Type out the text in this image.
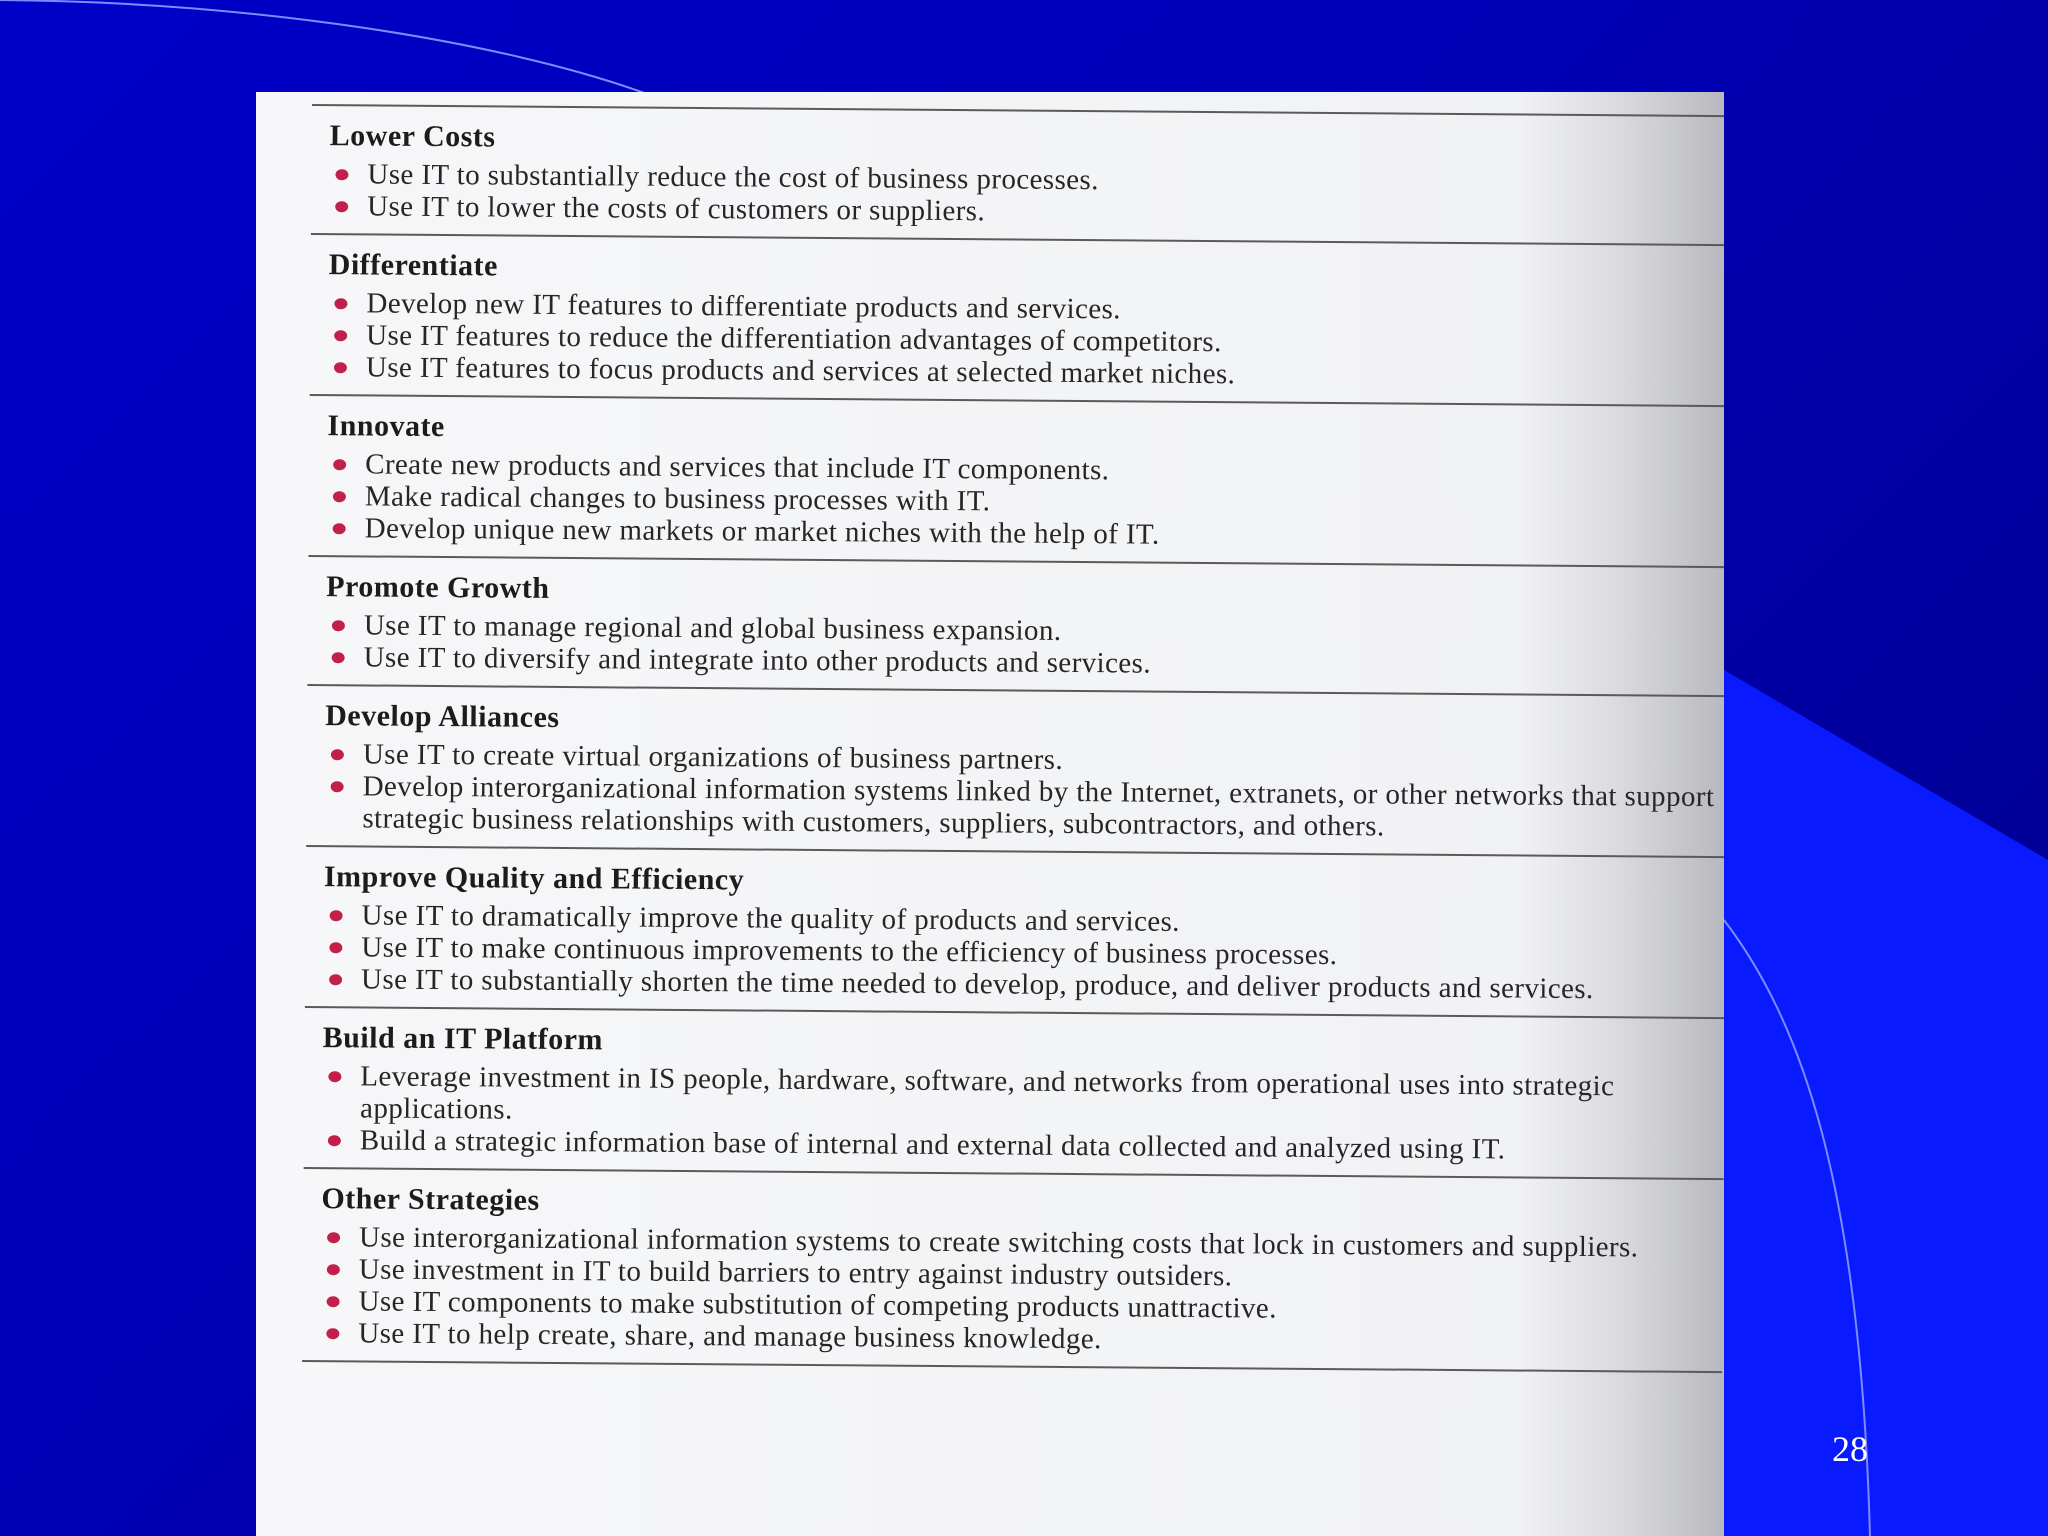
Lower Costs
Use IT to substantially reduce the cost of business processes.
Use IT to lower the costs of customers or suppliers.
Differentiate
Develop new IT features to differentiate products and services.
Use IT features to reduce the differentiation advantages of competitors.
Use IT features to focus products and services at selected market niches.
Innovate
Create new products and services that include IT components.
Make radical changes to business processes with IT.
Develop unique new markets or market niches with the help of IT.
Promote Growth
Use IT to manage regional and global business expansion.
Use IT to diversify and integrate into other products and services.
Develop Alliances
Use IT to create virtual organizations of business partners.
Develop interorganizational information systems linked by the Internet, extranets, or other networks that support strategic business relationships with customers, suppliers, subcontractors, and others.
Improve Quality and Efficiency
Use IT to dramatically improve the quality of products and services.
Use IT to make continuous improvements to the efficiency of business processes.
Use IT to substantially shorten the time needed to develop, produce, and deliver products and services.
Build an IT Platform
Leverage investment in IS people, hardware, software, and networks from operational uses into strategic applications.
Build a strategic information base of internal and external data collected and analyzed using IT.
Other Strategies
Use interorganizational information systems to create switching costs that lock in customers and suppliers.
Use investment in IT to build barriers to entry against industry outsiders.
Use IT components to make substitution of competing products unattractive.
Use IT to help create, share, and manage business knowledge.
28
